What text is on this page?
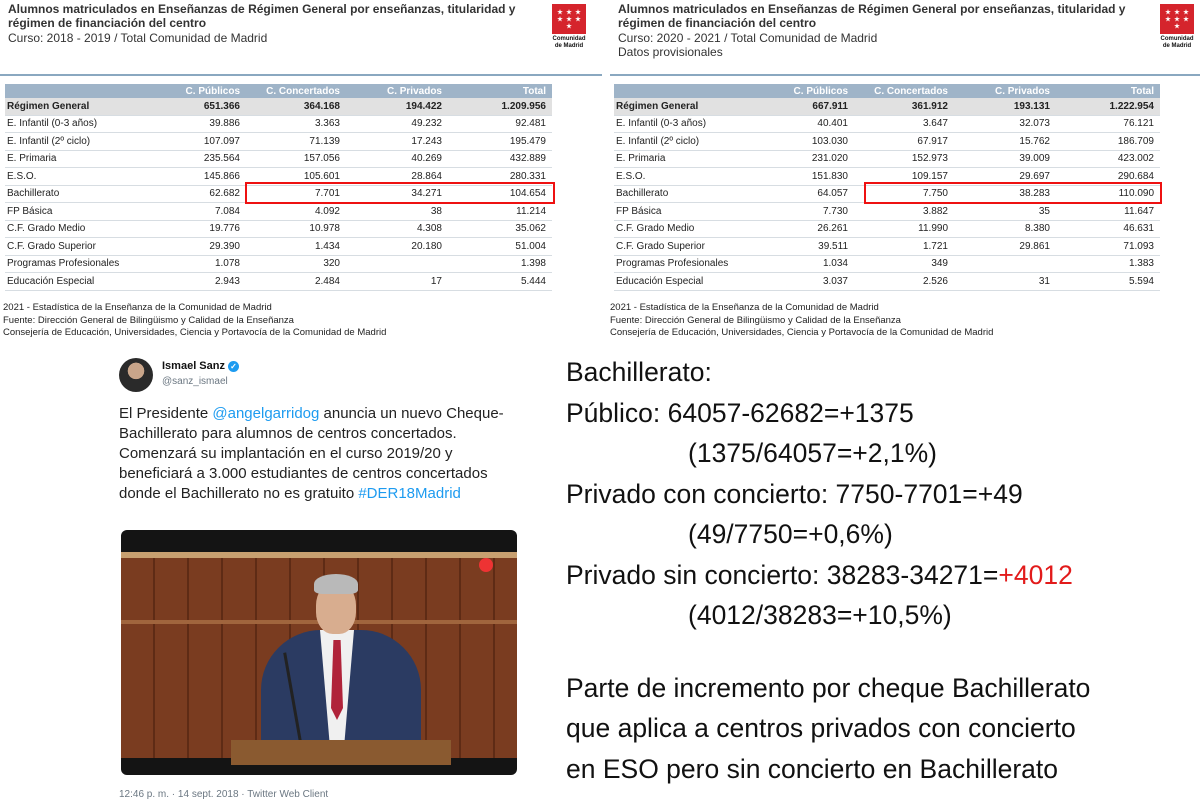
Alumnos matriculados en Enseñanzas de Régimen General por enseñanzas, titularidad y régimen de financiación del centro
Curso: 2018 - 2019 / Total Comunidad de Madrid	Comunidad
de Madrid
	C. Públicos	C. Concertados	C. Privados	Total
Régimen General	651.366	364.168	194.422	1.209.956
E. Infantil (0-3 años)	39.886	3.363	49.232	92.481
E. Infantil (2º ciclo)	107.097	71.139	17.243	195.479
E. Primaria	235.564	157.056	40.269	432.889
E.S.O.	145.866	105.601	28.864	280.331
Bachillerato	62.682	7.701	34.271	104.654
FP Básica	7.084	4.092	38	11.214
C.F. Grado Medio	19.776	10.978	4.308	35.062
C.F. Grado Superior	29.390	1.434	20.180	51.004
Programas Profesionales	1.078	320		1.398
Educación Especial	2.943	2.484	17	5.444
2021 - Estadística de la Enseñanza de la Comunidad de Madrid
Fuente: Dirección General de Bilingüismo y Calidad de la Enseñanza
Consejería de Educación, Universidades, Ciencia y Portavocía de la Comunidad de Madrid
Alumnos matriculados en Enseñanzas de Régimen General por enseñanzas, titularidad y régimen de financiación del centro
Curso: 2020 - 2021 / Total Comunidad de Madrid
Datos provisionales
Comunidad
de Madrid
	C. Públicos	C. Concertados	C. Privados	Total
Régimen General	667.911	361.912	193.131	1.222.954
E. Infantil (0-3 años)	40.401	3.647	32.073	76.121
E. Infantil (2º ciclo)	103.030	67.917	15.762	186.709
E. Primaria	231.020	152.973	39.009	423.002
E.S.O.	151.830	109.157	29.697	290.684
Bachillerato	64.057	7.750	38.283	110.090
FP Básica	7.730	3.882	35	11.647
C.F. Grado Medio	26.261	11.990	8.380	46.631
C.F. Grado Superior	39.511	1.721	29.861	71.093
Programas Profesionales	1.034	349		1.383
Educación Especial	3.037	2.526	31	5.594
2021 - Estadística de la Enseñanza de la Comunidad de Madrid
Fuente: Dirección General de Bilingüismo y Calidad de la Enseñanza
Consejería de Educación, Universidades, Ciencia y Portavocía de la Comunidad de Madrid
Ismael Sanz ✓
@sanz_ismael
El Presidente @angelgarridog anuncia un nuevo Cheque-Bachillerato para alumnos de centros concertados. Comenzará su implantación en el curso 2019/20 y beneficiará a 3.000 estudiantes de centros concertados donde el Bachillerato no es gratuito #DER18Madrid
12:46 p. m. · 14 sept. 2018 · Twitter Web Client
Bachillerato:
Público: 64057-62682=+1375
(1375/64057=+2,1%)
Privado con concierto: 7750-7701=+49
(49/7750=+0,6%)
Privado sin concierto: 38283-34271=+4012
(4012/38283=+10,5%)
Parte de incremento por cheque Bachillerato
que aplica a centros privados con concierto
en ESO pero sin concierto en Bachillerato
